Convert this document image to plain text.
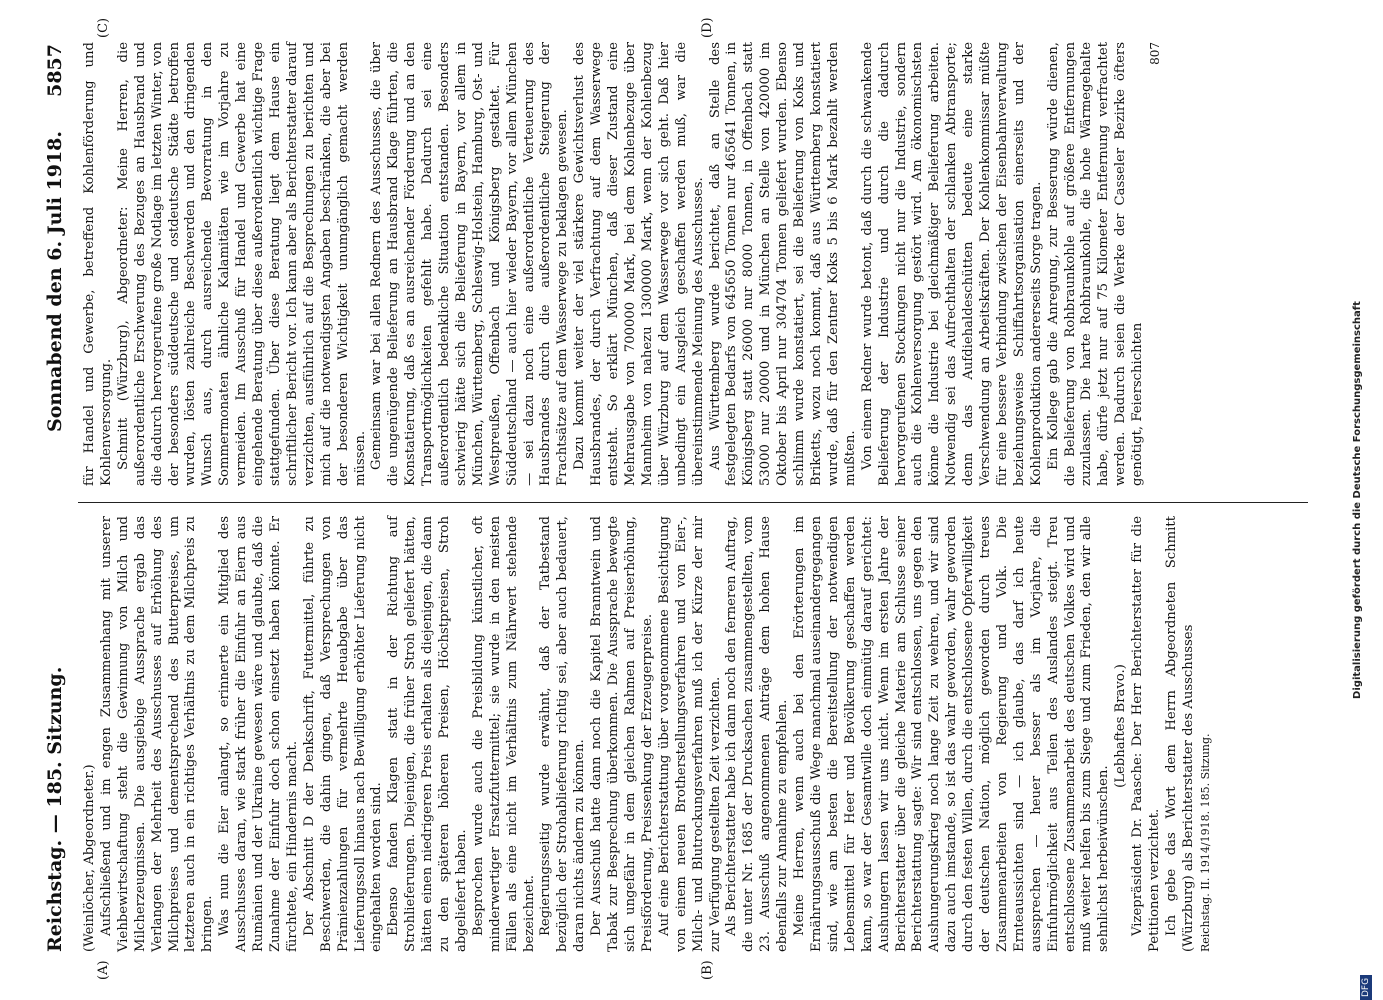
Reichstag. — 185. Sitzung.
Sonnabend den 6. Juli 1918.
5857
(A)	(B)
(C)	(D)

(Weinlöcher, Abgeordneter.) Aufschließend und im engen Zusammenhang mit unserer Viehbewirtschaftung steht die Gewinnung von Milch und Milcherzeugnissen. Die ausgiebige Aussprache ergab das Verlangen der Mehrheit des Ausschusses auf Erhöhung des Milchpreises und dementsprechend des Butterpreises, um letzteren auch in ein richtiges Verhältnis zu dem Milchpreis zu bringen. Was nun die Eier anlangt, so erinnerte ein Mitglied des Ausschusses daran, wie stark früher die Einfuhr an Eiern aus Rumänien und der Ukraine gewesen wäre und glaubte, daß die Zunahme der Einfuhr doch schon einsetzt haben könnte. Er fürchtete, ein Hindernis macht. Der Abschnitt D der Denkschrift, Futtermittel, führte zu Beschwerden, die dahin gingen, daß Versprechungen von Prämienzahlungen für vermehrte Heuabgabe über das Lieferungssoll hinaus nach Bewilligung erhöhter Lieferung nicht eingehalten worden sind. Ebenso fanden Klagen statt in der Richtung auf Strohlieferungen. Diejenigen, die früher Stroh geliefert hätten, hätten einen niedrigeren Preis erhalten als diejenigen, die dann zu den späteren höheren Preisen, Höchstpreisen, Stroh abgeliefert haben. Besprochen wurde auch die Preisbildung künstlicher, oft minderwertiger Ersatzfuttermittel; sie wurde in den meisten Fällen als eine nicht im Verhältnis zum Nährwert stehende bezeichnet. Regierungsseitig wurde erwähnt, daß der Tatbestand bezüglich der Strohablieferung richtig sei, aber auch bedauert, daran nichts ändern zu können. Der Ausschuß hatte dann noch die Kapitel Branntwein und Tabak zur Besprechung überkommen. Die Aussprache bewegte sich ungefähr in dem gleichen Rahmen auf Preiserhöhung, Preisförderung, Preissenkung der Erzeugerpreise. Auf eine Berichterstattung über vorgenommene Besichtigung von einem neuen Brotherstellungsverfahren und von Eier-, Milch- und Blutrockungsverfahren muß ich der Kürze der mir zur Verfügung gestellten Zeit verzichten. Als Berichterstatter habe ich dann noch den ferneren Auftrag, die unter Nr. 1685 der Drucksachen zusammengestellten, vom 23. Ausschuß angenommenen Anträge dem hohen Hause ebenfalls zur Annahme zu empfehlen. Meine Herren, wenn auch bei den Erörterungen im Ernährungsausschuß die Wege manchmal auseinandergegangen sind, wie am besten die Bereitstellung der notwendigen Lebensmittel für Heer und Bevölkerung geschaffen werden kann, so war der Gesamtwille doch einmütig darauf gerichtet: Aushungern lassen wir uns nicht. Wenn im ersten Jahre der Berichterstatter über die gleiche Materie am Schlusse seiner Berichterstattung sagte: Wir sind entschlossen, uns gegen den Aushungerungskrieg noch lange Zeit zu wehren, und wir sind dazu auch imstande, so ist das wahr geworden, wahr geworden durch den festen Willen, durch die entschlossene Opferwilligkeit der deutschen Nation, möglich geworden durch treues Zusammenarbeiten von Regierung und Volk. Die Ernteaussichten sind — ich glaube, das darf ich heute aussprechen — heuer besser als im Vorjahre, die Einfuhrmöglichkeit aus Teilen des Auslandes steigt. Treu entschlossene Zusammenarbeit des deutschen Volkes wird und muß weiter helfen bis zum Siege und zum Frieden, den wir alle sehnlichst herbeiwünschen.

(Lebhaftes Bravo.) Vizepräsident Dr. Paasche: Der Herr Berichterstatter für die Petitionen verzichtet. Ich gebe das Wort dem Herrn Abgeordneten Schmitt (Würzburg) als Berichterstatter des Ausschusses Reichstag. II. 1914/1918. 185. Sitzung.

für Handel und Gewerbe, betreffend Kohlenförderung und Kohlenversorgung. Schmitt (Würzburg), Abgeordneter: Meine Herren, die außerordentliche Erschwerung des Bezuges an Hausbrand und die dadurch hervorgerufene große Notlage im letzten Winter, von der besonders süddeutsche und ostdeutsche Städte betroffen wurden, lösten zahlreiche Beschwerden und den dringenden Wunsch aus, durch ausreichende Bevorratung in den Sommermonaten ähnliche Kalamitäten wie im Vorjahre zu vermeiden. Im Ausschuß für Handel und Gewerbe hat eine eingehende Beratung über diese außerordentlich wichtige Frage stattgefunden. Über diese Beratung liegt dem Hause ein schriftlicher Bericht vor. Ich kann aber als Berichterstatter darauf verzichten, ausführlich auf die Besprechungen zu berichten und mich auf die notwendigsten Angaben beschränken, die aber bei der besonderen Wichtigkeit unumgänglich gemacht werden müssen. Gemeinsam war bei allen Rednern des Ausschusses, die über die ungenügende Belieferung an Hausbrand Klage führten, die Konstatierung, daß es an ausreichender Förderung und an den Transportmöglichkeiten gefehlt habe. Dadurch sei eine außerordentlich bedenkliche Situation entstanden. Besonders schwierig hätte sich die Belieferung in Bayern, vor allem in München, Württemberg, Schleswig-Holstein, Hamburg, Ost- und Westpreußen, Offenbach und Königsberg gestaltet. Für Süddeutschland — auch hier wieder Bayern, vor allem München — sei dazu noch eine außerordentliche Verteuerung des Hausbrandes durch die außerordentliche Steigerung der Frachtsätze auf dem Wasserwege zu beklagen gewesen. Dazu kommt weiter der viel stärkere Gewichtsverlust des Hausbrandes, der durch Verfrachtung auf dem Wasserwege entsteht. So erklärt München, daß dieser Zustand eine Mehrausgabe von 700000 Mark, bei dem Kohlenbezuge über Mannheim von nahezu 1300000 Mark, wenn der Kohlenbezug über Würzburg auf dem Wasserwege vor sich geht. Daß hier unbedingt ein Ausgleich geschaffen werden muß, war die übereinstimmende Meinung des Ausschusses. Aus Württemberg wurde berichtet, daß an Stelle des festgelegten Bedarfs von 645650 Tonnen nur 465641 Tonnen, in Königsberg statt 26000 nur 8000 Tonnen, in Offenbach statt 53000 nur 20000 und in München an Stelle von 420000 im Oktober bis April nur 304704 Tonnen geliefert wurden. Ebenso schlimm wurde konstatiert, sei die Belieferung von Koks und Briketts, wozu noch kommt, daß aus Württemberg konstatiert wurde, daß für den Zentner Koks 5 bis 6 Mark bezahlt werden mußten. Von einem Redner wurde betont, daß durch die schwankende Belieferung der Industrie und durch die dadurch hervorgerufenen Stockungen nicht nur die Industrie, sondern auch die Kohlenversorgung gestört wird. Am ökonomischsten könne die Industrie bei gleichmäßiger Belieferung arbeiten. Notwendig sei das Aufrechthalten der schlanken Abtransporte; denn das Aufdiehaldeschütten bedeute eine starke Verschwendung an Arbeitskräften. Der Kohlenkommissar müßte für eine bessere Verbindung zwischen der Eisenbahnverwaltung beziehungsweise Schiffahrtsorganisation einerseits und der Kohlenproduktion andererseits Sorge tragen. Ein Kollege gab die Anregung, zur Besserung würde dienen, die Belieferung von Rohbraunkohle auf größere Entfernungen zuzulassen. Die harte Rohbraunkohle, die hohe Wärmegehalte habe, dürfe jetzt nur auf 75 Kilometer Entfernung verfrachtet werden. Dadurch seien die Werke der Casseler Bezirke öfters genötigt, Feierschichten

807

Digitalisierung gefördert durch die Deutsche Forschungsgemeinschaft
DFG
